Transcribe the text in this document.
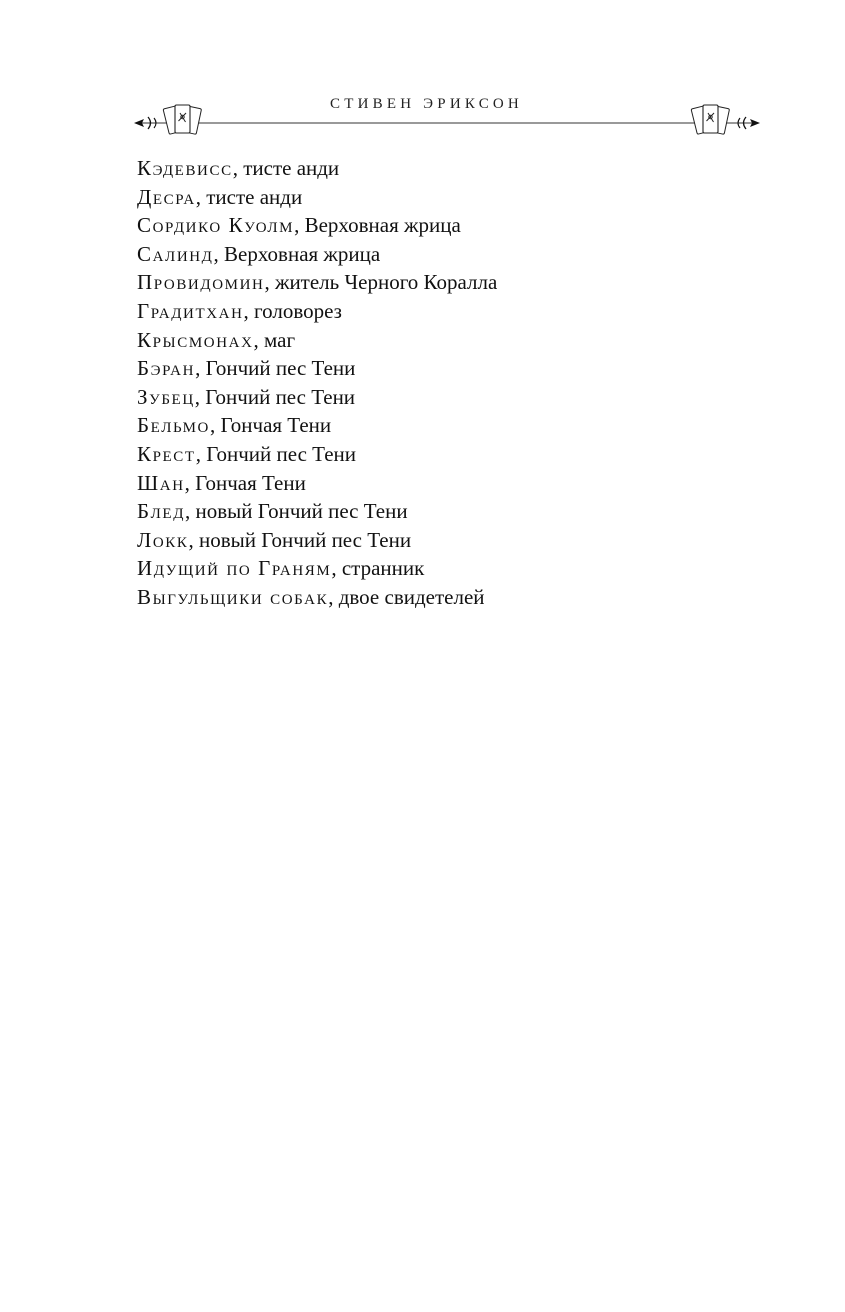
СТИВЕН ЭРИКСОН
Кэдевисс, тисте анди
Десра, тисте анди
Сордико Куолм, Верховная жрица
Салинд, Верховная жрица
Провидомин, житель Черного Коралла
Градитхан, головорез
Крысмонах, маг
Бэран, Гончий пес Тени
Зубец, Гончий пес Тени
Бельмо, Гончая Тени
Крест, Гончий пес Тени
Шан, Гончая Тени
Блед, новый Гончий пес Тени
Локк, новый Гончий пес Тени
Идущий по Граням, странник
Выгульщики собак, двое свидетелей
